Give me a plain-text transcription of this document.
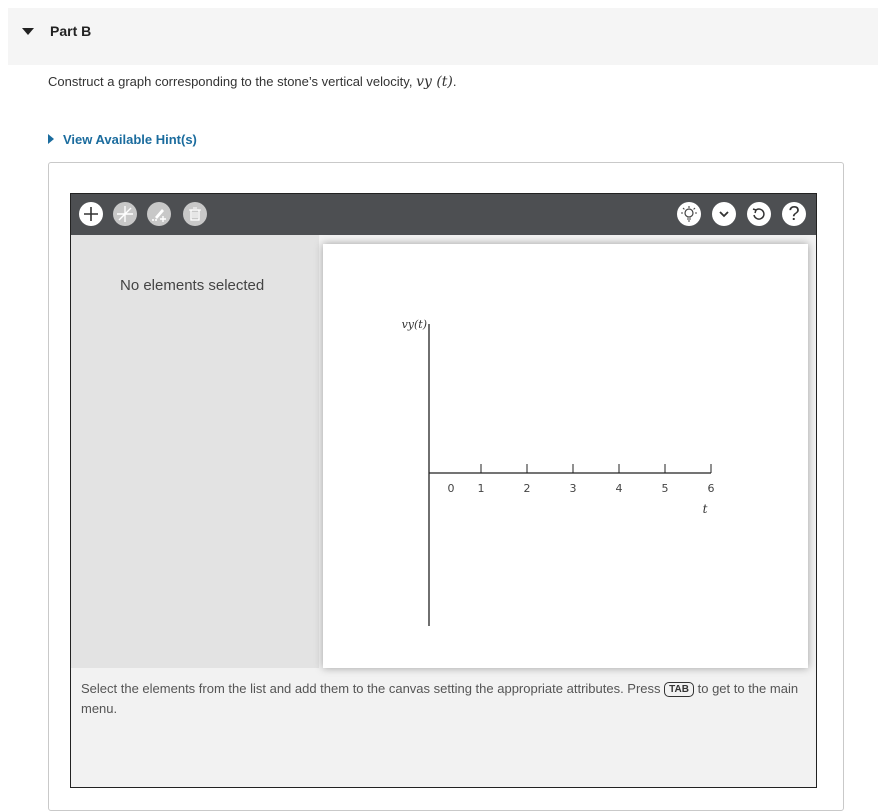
Part B
Construct a graph corresponding to the stone’s vertical velocity, vy (t).
View Available Hint(s)
?
No elements selected
vy(t)
0 1	2	3	4	5	6
t
Select the elements from the list and add them to the canvas setting the appropriate attributes. Press TAB to get to the main menu.
